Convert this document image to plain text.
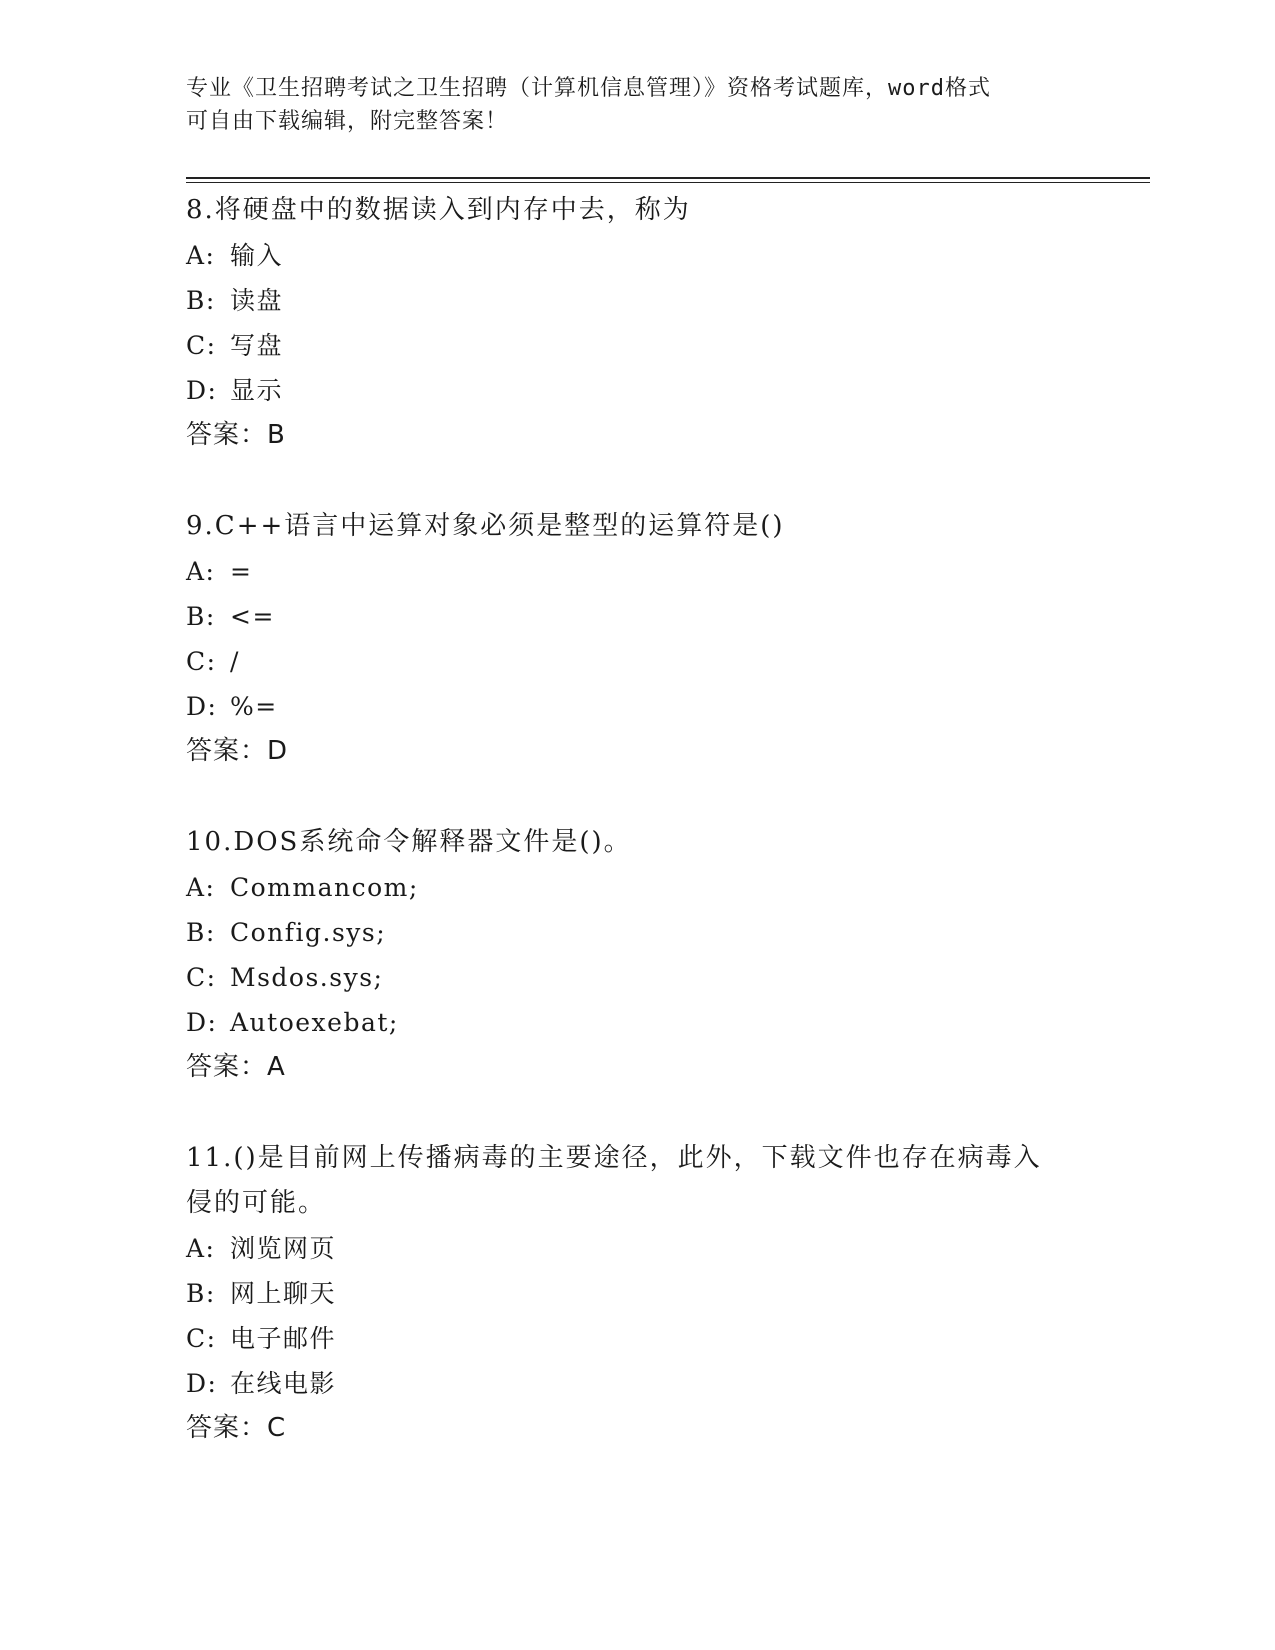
专业《卫生招聘考试之卫生招聘（计算机信息管理）》资格考试题库，word格式
可自由下载编辑，附完整答案！
8.将硬盘中的数据读入到内存中去，称为
A: 输入
B: 读盘
C: 写盘
D: 显示
答案：B
9.C++语言中运算对象必须是整型的运算符是()
A: =
B: <=
C: /
D: %=
答案：D
10.DOS系统命令解释器文件是()。
A: Commancom;
B: Config.sys;
C: Msdos.sys;
D: Autoexebat;
答案：A
11.()是目前网上传播病毒的主要途径，此外，下载文件也存在病毒入侵的可能。
A: 浏览网页
B: 网上聊天
C: 电子邮件
D: 在线电影
答案：C
